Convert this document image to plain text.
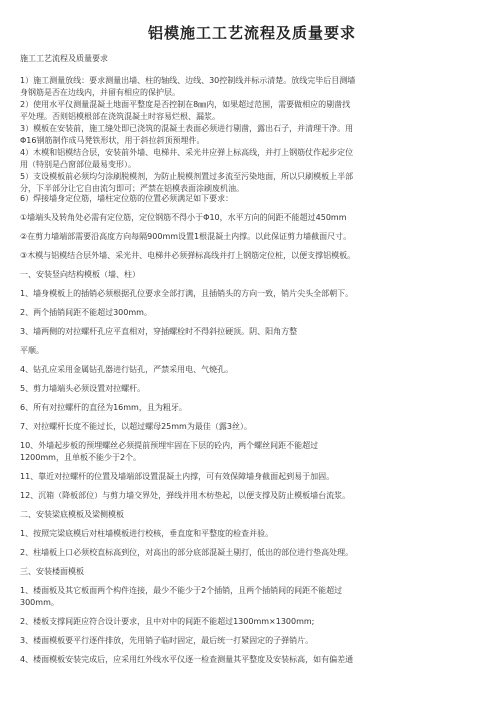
铝模施工工艺流程及质量要求
施工工艺流程及质量要求
1）施工测量放线：要求测量出墙、柱的轴线、边线、30控制线并标示清楚。放线完毕后目测墙
身钢筋是否在边线内，并留有相应的保护层。
2）使用水平仪测量混凝土地面平整度是否控制在8㎜内，如果超过范围，需要做相应的剔凿找
平处理。否则铝模根部在浇筑混凝土时容易烂根、漏浆。
3）模板在安装前，施工缝处即已浇筑的混凝土表面必须进行剔凿，露出石子，并清理干净。用
Φ16钢筋制作成马凳铁形状，用于斜拉斜顶预埋件。
4）木模和铝模结合层，安装前外墙、电梯井、采光井应弹上标高线，并打上钢筋仗作起步定位
用（特别是凸窗部位最易变形）。
5）支设模板前必须均匀涂刷脱模剂，为防止脱模剂置过多流至污染地面，所以只刷模板上半部
分，下半部分让它自由流匀即可；严禁在铝模表面涂刷废机油。
6）焊接墙身定位筋，墙柱定位筋的位置必须满足如下要求：
①墙端头及转角处必需有定位筋，定位钢筋不得小于Φ10，水平方向的间距不能超过450mm
②在剪力墙端部需要沿高度方向每隔900mm设置1根混凝土内撑。以此保证剪力墙截面尺寸。
③木模与铝模结合层外墙、采光井、电梯井必须弹标高线并打上钢筋定位桩，以便支撑铝模板。
一、安装竖向结构模板（墙、柱）
1、墙身模板上的插销必须根据孔位要求全部打满，且插销头的方向一致，销片尖头全部朝下。
2、两个插销间距不能超过300mm。
3、墙两侧的对拉螺杆孔应平直相对，穿插螺栓时不得斜拉硬顶。阴、阳角方整
平顺。
4、钻孔应采用金属钻孔器进行钻孔，严禁采用电、气焼孔。
5、剪力墙端头必须设置对拉螺杆。
6、所有对拉螺杆的直径为16mm，且为粗牙。
7、对拉螺杆长度不能过长，以超过螺母25mm为最佳（露3丝）。
10、外墙起步板的预埋螺丝必须提前预埋牢固在下层的砼内，两个螺丝间距不能超过
1200mm，且单板不能少于2个。
11、靠近对拉螺杆的位置及墙端部设置混凝土内撑，可有效保障墙身截面起到易于加固。
12、沉箱（降板部位）与剪力墙交界处，弹线并用木枋垫起，以便支撑及防止模板墙台流浆。
二、安装梁底模板及梁侧模板
1、按照完梁底模后对柱墙模板进行校核，垂直度和平整度的检查并验。
2、柱墙板上口必须校直标高到位，对高出的部分底部混凝土剔打，低出的部位进行垫高处理。
三、安装楼面模板
1、楼面板及其它板面两个构件连接，最少不能少于2个插销，且两个插销间的间距不能超过
300mm。
2、楼板支撑间距应符合设计要求，且中对中的间距不能超过1300mm×1300mm;
3、楼面模板要平行逐件排放，先用销子临时固定，最后统一打紧固定的子弹销片。
4、楼面模板安装完成后，应采用红外线水平仪逐一检查测量其平整度及安装标高，如有偏差通
